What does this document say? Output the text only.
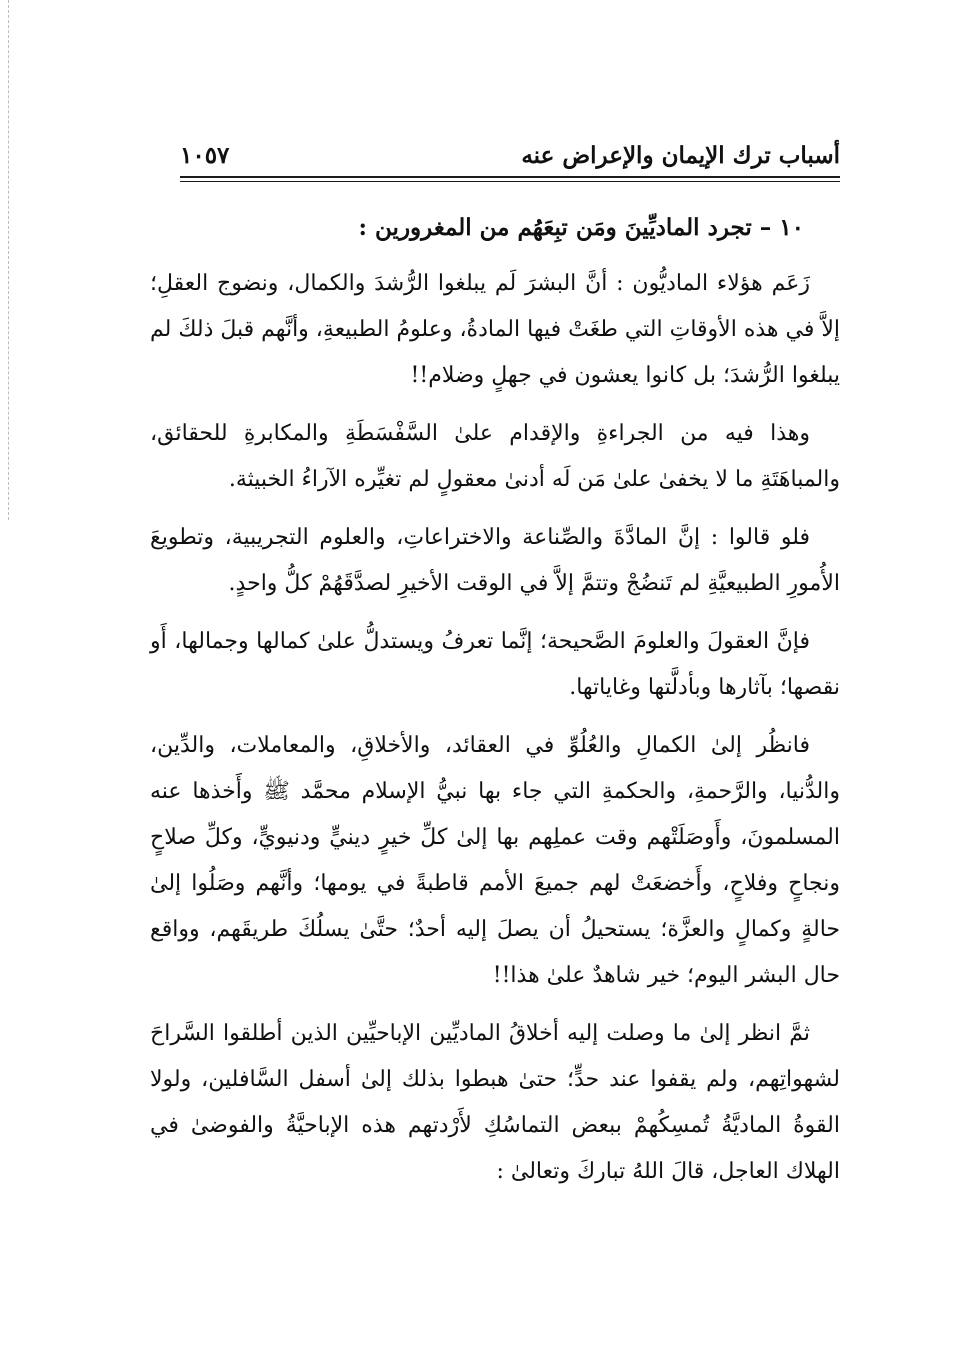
أسباب ترك الإيمان والإعراض عنه
١٠٥٧

١٠ – تجرد الماديِّينَ ومَن تبِعَهُم من المغرورين :

زَعَم هؤلاء الماديُّون : أنَّ البشرَ لَم يبلغوا الرُّشدَ والكمال، ونضوج العقلِ؛ إلاَّ في هذه الأوقاتِ التي طغَتْ فيها المادةُ، وعلومُ الطبيعةِ، وأنَّهم قبلَ ذلكَ لم يبلغوا الرُّشدَ؛ بل كانوا يعشون في جهلٍ وضلام!!

وهذا فيه من الجراءةِ والإقدام علىٰ السَّفْسَطَةِ والمكابرةِ للحقائق، والمباهَتَةِ ما لا يخفىٰ علىٰ مَن لَه أدنىٰ معقولٍ لم تغيِّره الآراءُ الخبيثة.

فلو قالوا : إنَّ المادَّةَ والصِّناعة والاختراعاتِ، والعلوم التجريبية، وتطويعَ الأُمورِ الطبيعيَّةِ لم تَنضُجْ وتتمَّ إلاَّ في الوقت الأخيرِ لصدَّقَهُمْ كلُّ واحدٍ.

فإنَّ العقولَ والعلومَ الصَّحيحة؛ إنَّما تعرفُ ويستدلُّ علىٰ كمالها وجمالها، أَو نقصها؛ بآثارها وبأدلَّتها وغاياتها.

فانظُر إلىٰ الكمالِ والعُلُوِّ في العقائد، والأخلاقِ، والمعاملات، والدِّين، والدُّنيا، والرَّحمةِ، والحكمةِ التي جاء بها نبيُّ الإسلام محمَّد ﷺ وأَخذها عنه المسلمونَ، وأَوصَلَتْهم وقت عملِهم بها إلىٰ كلِّ خيرٍ دينيٍّ ودنيويٍّ، وكلِّ صلاحٍ ونجاحٍ وفلاحٍ، وأَخضعَتْ لهم جميعَ الأمم قاطبةً في يومها؛ وأنَّهم وصَلُوا إلىٰ حالةٍ وكمالٍ والعزَّة؛ يستحيلُ أن يصلَ إليه أحدٌ؛ حتَّىٰ يسلُكَ طريقَهم، وواقع حال البشر اليوم؛ خير شاهدٌ علىٰ هذا!!

ثمَّ انظر إلىٰ ما وصلت إليه أخلاقُ الماديِّين الإباحيِّين الذين أطلقوا السَّراحَ لشهواتِهم، ولم يقفوا عند حدٍّ؛ حتىٰ هبطوا بذلك إلىٰ أسفل السَّافلين، ولولا القوةُ الماديَّةُ تُمسِكُهمْ ببعض التماسُكِ لأَرْدتهم هذه الإباحيَّةُ والفوضىٰ في الهلاك العاجل، قالَ اللهُ تباركَ وتعالىٰ :
